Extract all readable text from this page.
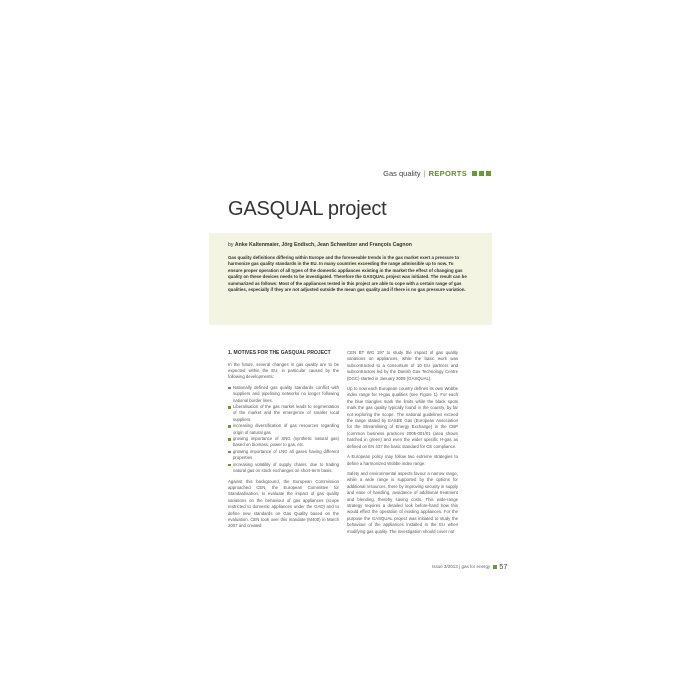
Gas quality | REPORTS
GASQUAL project
by Anke Kaltenmaier, Jörg Endisch, Jean Schweitzer and François Cagnon

Gas quality definitions differing within Europe and the foreseeable trends in the gas market exert a pressure to harmonize gas quality standards in the EU. In many countries exceeding the range admissible up to now. To ensure proper operation of all types of the domestic appliances existing in the market the effect of changing gas quality on these devices needs to be investigated. Therefore the GASQUAL project was initiated. The result can be summarized as follows: Most of the appliances tested in this project are able to cope with a certain range of gas qualities, especially if they are not adjusted outside the mean gas quality and if there is no gas pressure variation.

1. MOTIVES FOR THE GASQUAL PROJECT

In the future, several changes in gas quality are to be expected within the EU, in particular caused by the following developments:

Nationally defined gas quality standards conflict with suppliers and pipelining networks no longer following national border lines.
Liberalisation of the gas market leads to segmentation of the market and the emergence of smaller local suppliers.
increasing diversification of gas resources regarding origin of natural gas
growing importance of SNG (synthetic natural gas) based on biomass, power to gas, etc.
growing importance of LNG all gases having different properties
increasing volatility of supply chains, due to trading natural gas on stock exchanges on short-term basis.

Against this background, the European Commission approached CEN, the European Committee for Standardisation, to evaluate the impact of gas quality variations on the behaviour of gas appliances (scope restricted to domestic appliances under the GAD) and to define new standards on Gas Quality based on the evaluation. CEN took over this mandate (M400) in March 2007 and created

CEN BT WG 197 to study the impact of gas quality variations on appliances, while the basic work was subcontracted to a consortium of 10 EU partners and subcontractors led by the Danish Gas Technology Centre (DGC) started in January 2009 (GASQUAL).

Up to now each European country defines its own Wobbe index range for H-gas qualities (see Figure 1). For each the blue triangles mark the limits while the black spots mark the gas quality typically found in the country, by far not exploring the scope. The national guidelines exceed the range stated by EASEE Gas (European Association for the Streamlining of Energy Exchange) in the CBP (common business practices 2005-001/01 (area shown hatched in green) and even the wider specific H-gas as defined on EN 437 the basic standard for CE compliance.

A European policy may follow two extreme strategies to define a harmonized Wobbe index range:

Safety and environmental aspects favour a narrow range, while a wide range is supported by the options for additional resources, there by improving security in supply and ease of handling, avoidance of additional treatment and blending, thereby saving costs. This wide-range strategy requires a detailed look before-hand how this would effect the operation of existing appliances. For the purpose the GASQUAL project was initiated to study the behaviour of the appliances installed in the EU when modifying gas quality. The investigation should cover not

Issue 3/2013 | gas for energy 57
